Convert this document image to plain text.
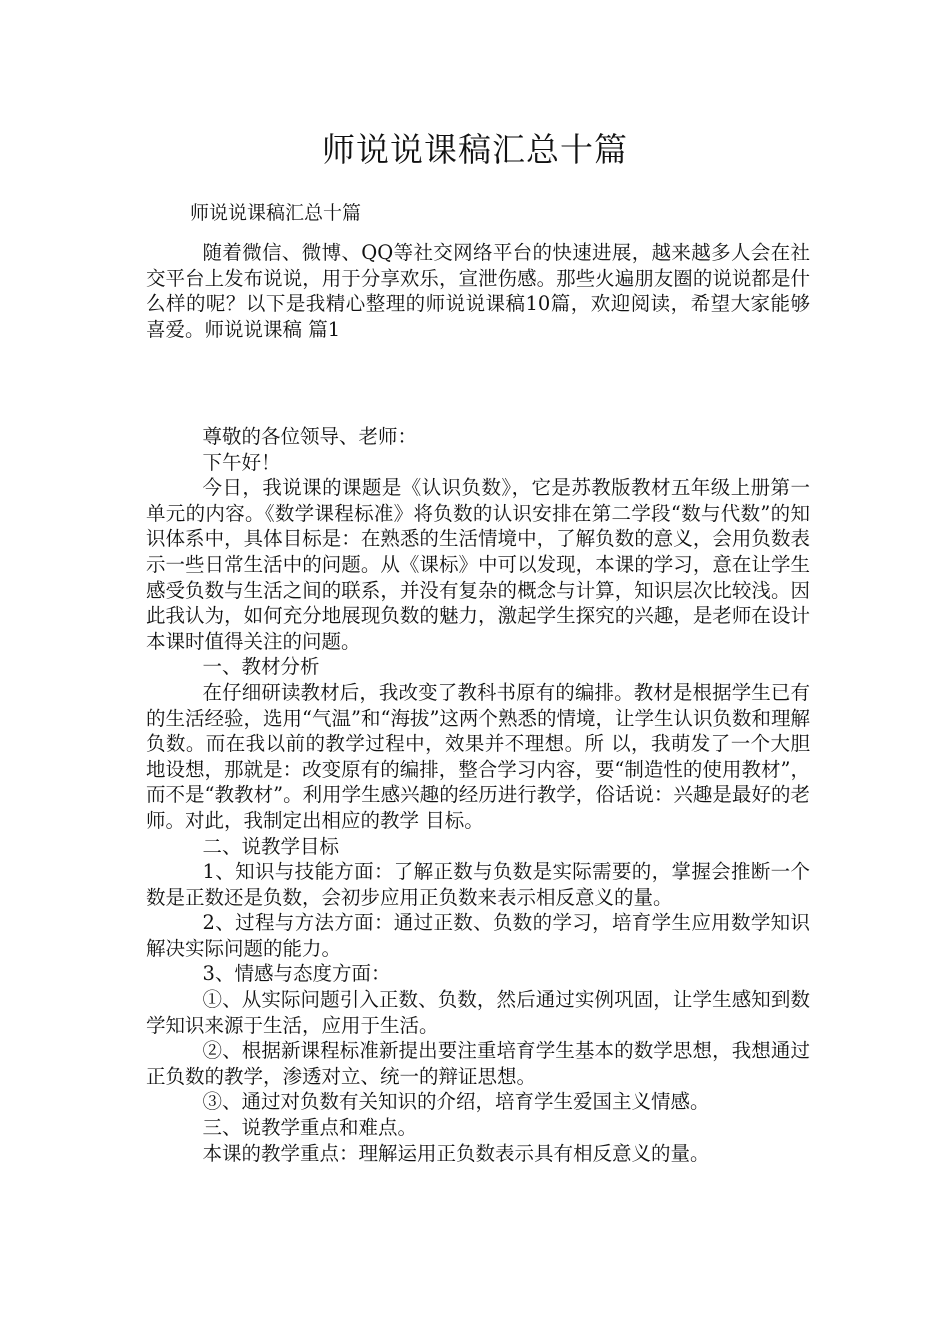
师说说课稿汇总十篇
师说说课稿汇总十篇

随着微信、微博、QQ等社交网络平台的快速进展，越来越多人会在社交平台上发布说说，用于分享欢乐，宣泄伤感。那些火遍朋友圈的说说都是什么样的呢？以下是我精心整理的师说说课稿10篇，欢迎阅读，希望大家能够喜爱。师说说课稿 篇1

尊敬的各位领导、老师：

下午好！

今日，我说课的课题是《认识负数》，它是苏教版教材五年级上册第一单元的内容。《数学课程标准》将负数的认识安排在第二学段“数与代数”的知识体系中，具体目标是：在熟悉的生活情境中，了解负数的意义，会用负数表示一些日常生活中的问题。从《课标》中可以发现，本课的学习，意在让学生感受负数与生活之间的联系，并没有复杂的概念与计算，知识层次比较浅。因此我认为，如何充分地展现负数的魅力，激起学生探究的兴趣，是老师在设计本课时值得关注的问题。

一、教材分析

在仔细研读教材后，我改变了教科书原有的编排。教材是根据学生已有的生活经验，选用“气温”和“海拔”这两个熟悉的情境，让学生认识负数和理解负数。而在我以前的教学过程中，效果并不理想。所 以，我萌发了一个大胆地设想，那就是：改变原有的编排，整合学习内容，要“制造性的使用教材”，而不是“教教材”。利用学生感兴趣的经历进行教学，俗话说：兴趣是最好的老师。对此，我制定出相应的教学 目标。

二、说教学目标

1、知识与技能方面：了解正数与负数是实际需要的，掌握会推断一个数是正数还是负数，会初步应用正负数来表示相反意义的量。

2、过程与方法方面：通过正数、负数的学习，培育学生应用数学知识解决实际问题的能力。

3、情感与态度方面：

①、从实际问题引入正数、负数，然后通过实例巩固，让学生感知到数学知识来源于生活，应用于生活。

②、根据新课程标准新提出要注重培育学生基本的数学思想，我想通过正负数的教学，渗透对立、统一的辩证思想。

③、通过对负数有关知识的介绍，培育学生爱国主义情感。

三、说教学重点和难点。

本课的教学重点：理解运用正负数表示具有相反意义的量。
